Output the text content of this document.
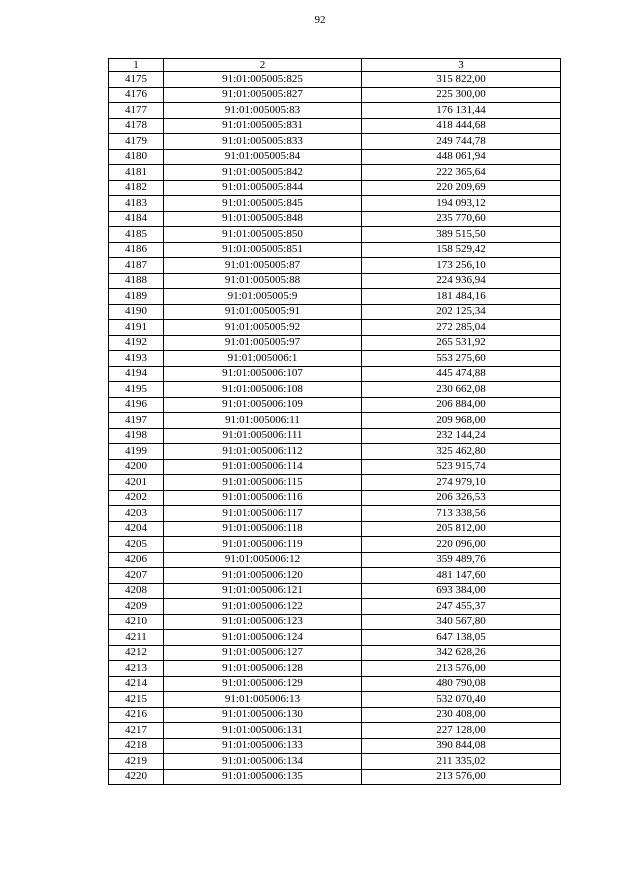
92
1	2	3
4175	91:01:005005:825	315 822,00
4176	91:01:005005:827	225 300,00
4177	91:01:005005:83	176 131,44
4178	91:01:005005:831	418 444,68
4179	91:01:005005:833	249 744,78
4180	91:01:005005:84	448 061,94
4181	91:01:005005:842	222 365,64
4182	91:01:005005:844	220 209,69
4183	91:01:005005:845	194 093,12
4184	91:01:005005:848	235 770,60
4185	91:01:005005:850	389 515,50
4186	91:01:005005:851	158 529,42
4187	91:01:005005:87	173 256,10
4188	91:01:005005:88	224 936,94
4189	91:01:005005:9	181 484,16
4190	91:01:005005:91	202 125,34
4191	91:01:005005:92	272 285,04
4192	91:01:005005:97	265 531,92
4193	91:01:005006:1	553 275,60
4194	91:01:005006:107	445 474,88
4195	91:01:005006:108	230 662,08
4196	91:01:005006:109	206 884,00
4197	91:01:005006:11	209 968,00
4198	91:01:005006:111	232 144,24
4199	91:01:005006:112	325 462,80
4200	91:01:005006:114	523 915,74
4201	91:01:005006:115	274 979,10
4202	91:01:005006:116	206 326,53
4203	91:01:005006:117	713 338,56
4204	91:01:005006:118	205 812,00
4205	91:01:005006:119	220 096,00
4206	91:01:005006:12	359 489,76
4207	91:01:005006:120	481 147,60
4208	91:01:005006:121	693 384,00
4209	91:01:005006:122	247 455,37
4210	91:01:005006:123	340 567,80
4211	91:01:005006:124	647 138,05
4212	91:01:005006:127	342 628,26
4213	91:01:005006:128	213 576,00
4214	91:01:005006:129	480 790,08
4215	91:01:005006:13	532 070,40
4216	91:01:005006:130	230 408,00
4217	91:01:005006:131	227 128,00
4218	91:01:005006:133	390 844,08
4219	91:01:005006:134	211 335,02
4220	91:01:005006:135	213 576,00
